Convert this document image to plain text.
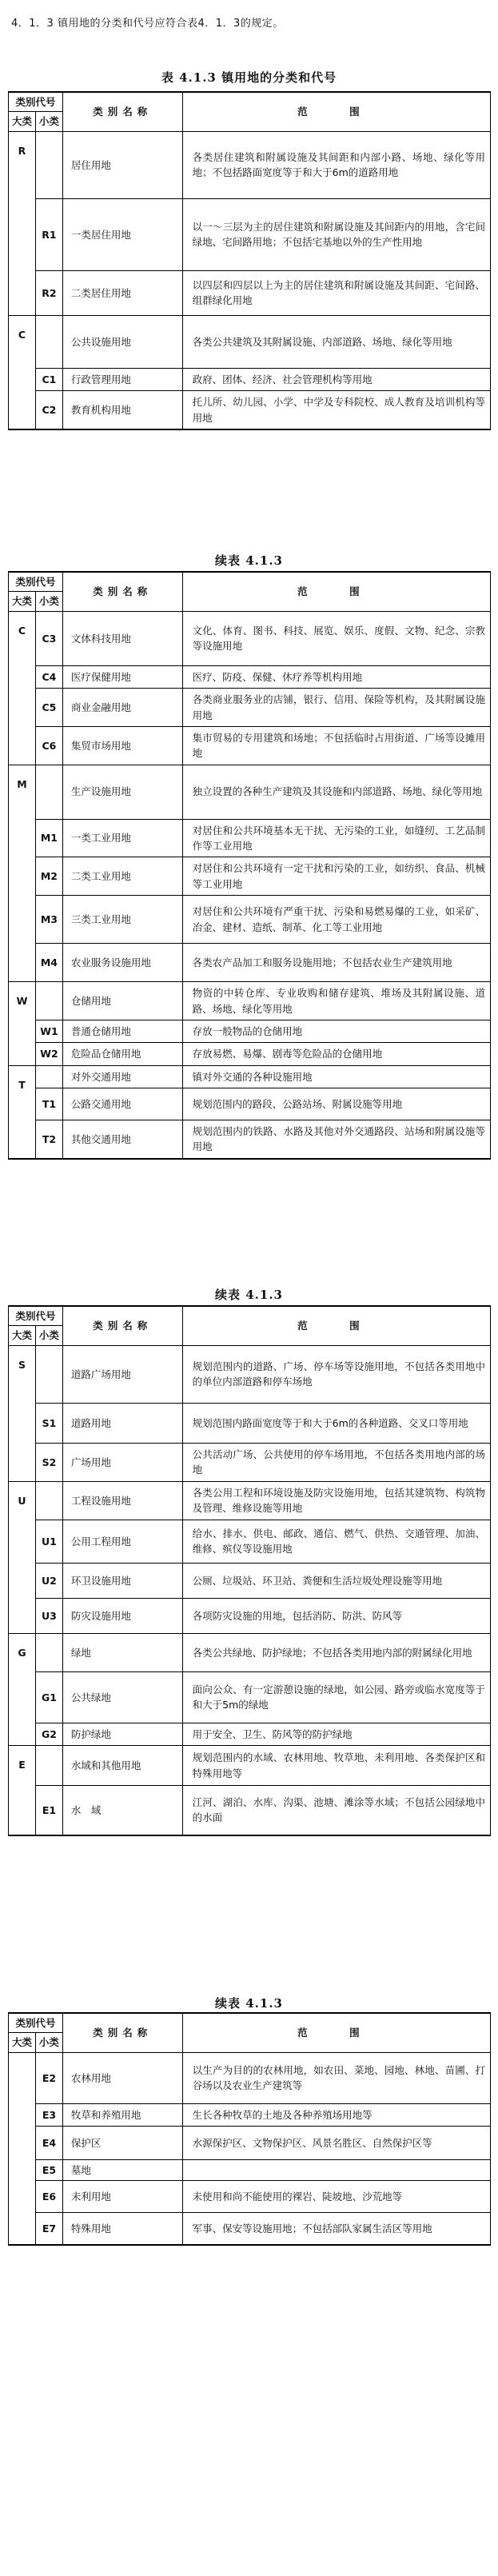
4．1．3 镇用地的分类和代号应符合表4．1．3的规定。
表 4.1.3 镇用地的分类和代号
类别代号		类别名称	范　围
大类	小类		
R		居住用地	各类居住建筑和附属设施及其间距和内部小路、场地、绿化等用地；不包括路面宽度等于和大于6m的道路用地
	R1	一类居住用地	以一～三层为主的居住建筑和附属设施及其间距内的用地，含宅间绿地、宅间路用地；不包括宅基地以外的生产性用地
	R2	二类居住用地	以四层和四层以上为主的居住建筑和附属设施及其间距、宅间路、组群绿化用地
C		公共设施用地	各类公共建筑及其附属设施、内部道路、场地、绿化等用地
	C1	行政管理用地	政府、团体、经济、社会管理机构等用地
	C2	教育机构用地	托儿所、幼儿园、小学、中学及专科院校、成人教育及培训机构等用地
续表 4.1.3
类别代号		类别名称	范　围
大类	小类		
C	C3	文体科技用地	文化、体育、图书、科技、展览、娱乐、度假、文物、纪念、宗教等设施用地
	C4	医疗保健用地	医疗、防疫、保健、休疗养等机构用地
	C5	商业金融用地	各类商业服务业的店铺，银行、信用、保险等机构，及其附属设施用地
	C6	集贸市场用地	集市贸易的专用建筑和场地；不包括临时占用街道、广场等设摊用地
M		生产设施用地	独立设置的各种生产建筑及其设施和内部道路、场地、绿化等用地
	M1	一类工业用地	对居住和公共环境基本无干扰、无污染的工业，如缝纫、工艺品制作等工业用地
	M2	二类工业用地	对居住和公共环境有一定干扰和污染的工业，如纺织、食品、机械等工业用地
	M3	三类工业用地	对居住和公共环境有严重干扰、污染和易燃易爆的工业，如采矿、冶金、建材、造纸、制革、化工等工业用地
	M4	农业服务设施用地	各类农产品加工和服务设施用地；不包括农业生产建筑用地
W		仓储用地	物资的中转仓库、专业收购和储存建筑、堆场及其附属设施、道路、场地、绿化等用地
	W1	普通仓储用地	存放一般物品的仓储用地
	W2	危险品仓储用地	存放易燃、易爆、剧毒等危险品的仓储用地
T		对外交通用地	镇对外交通的各种设施用地
	T1	公路交通用地	规划范围内的路段、公路站场、附属设施等用地
	T2	其他交通用地	规划范围内的铁路、水路及其他对外交通路段、站场和附属设施等用地
续表 4.1.3
类别代号		类别名称	范　围
大类	小类		
S		道路广场用地	规划范围内的道路、广场、停车场等设施用地，不包括各类用地中的单位内部道路和停车场地
	S1	道路用地	规划范围内路面宽度等于和大于6m的各种道路、交叉口等用地
	S2	广场用地	公共活动广场、公共使用的停车场用地，不包括各类用地内部的场地
U		工程设施用地	各类公用工程和环境设施及防灾设施用地，包括其建筑物、构筑物及管理、维修设施等用地
	U1	公用工程用地	给水、排水、供电、邮政、通信、燃气、供热、交通管理、加油、维修、殡仪等设施用地
	U2	环卫设施用地	公厕、垃圾站、环卫站、粪便和生活垃圾处理设施等用地
	U3	防灾设施用地	各项防灾设施的用地，包括消防、防洪、防风等
G		绿地	各类公共绿地、防护绿地；不包括各类用地内部的附属绿化用地
	G1	公共绿地	面向公众、有一定游憩设施的绿地，如公园、路旁或临水宽度等于和大于5m的绿地
	G2	防护绿地	用于安全、卫生、防风等的防护绿地
E		水域和其他用地	规划范围内的水域、农林用地、牧草地、未利用地、各类保护区和特殊用地等
	E1	水　域	江河、湖泊、水库、沟渠、池塘、滩涂等水域；不包括公园绿地中的水面
续表 4.1.3
类别代号		类别名称	范　围
大类	小类		
	E2	农林用地	以生产为目的的农林用地，如农田、菜地、园地、林地、苗圃、打谷场以及农业生产建筑等
	E3	牧草和养殖用地	生长各种牧草的土地及各种养殖场用地等
	E4	保护区	水源保护区、文物保护区、风景名胜区、自然保护区等
	E5	墓地	
	E6	未利用地	未使用和尚不能使用的裸岩、陡坡地、沙荒地等
	E7	特殊用地	军事、保安等设施用地；不包括部队家属生活区等用地
